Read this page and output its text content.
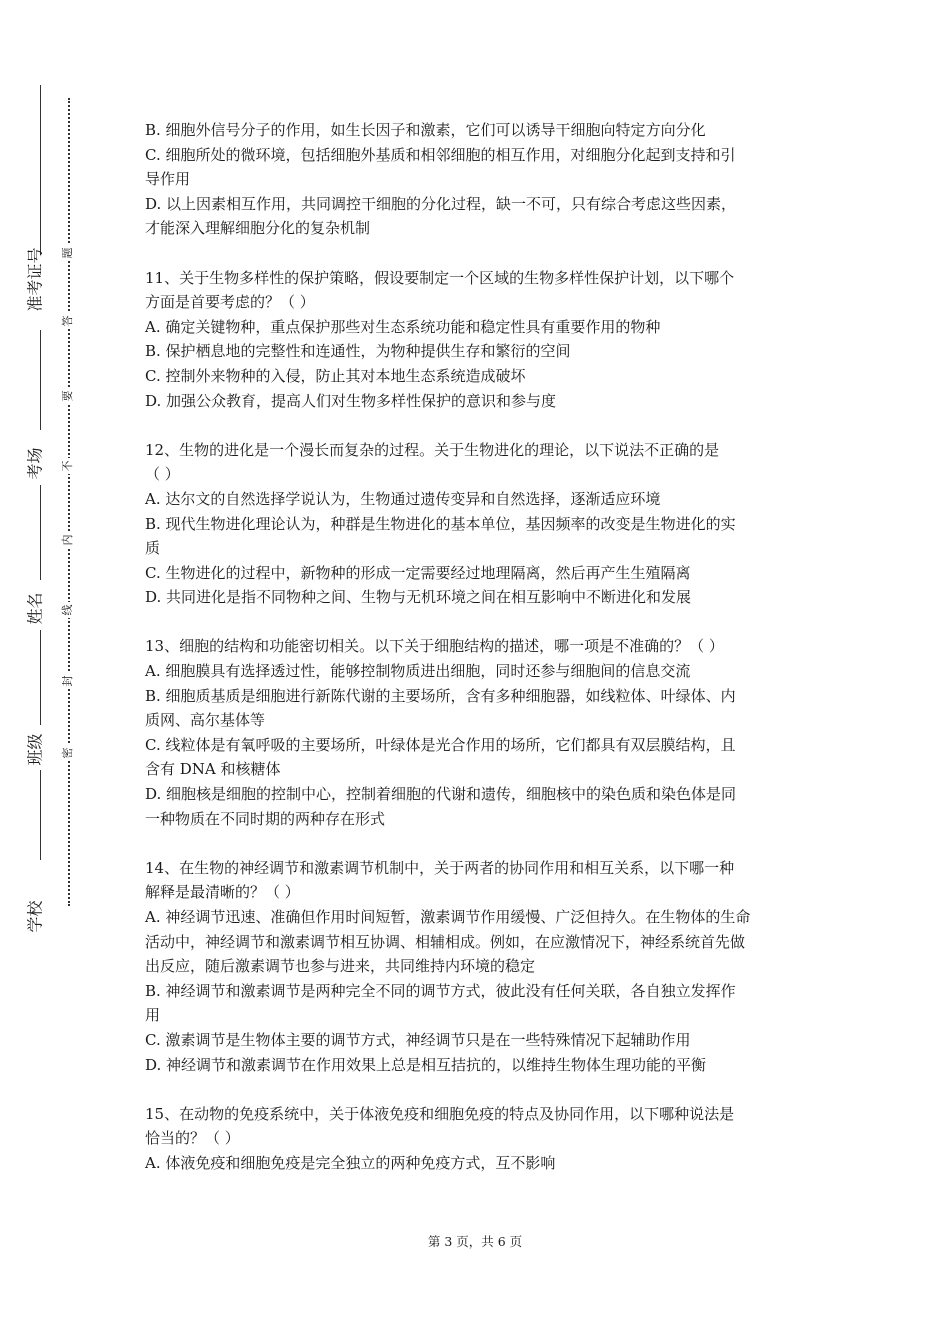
准考证号
考场
姓名
班级
学校
题
答
要
不
内
线
封
密
B. 细胞外信号分子的作用，如生长因子和激素，它们可以诱导干细胞向特定方向分化
C. 细胞所处的微环境，包括细胞外基质和相邻细胞的相互作用，对细胞分化起到支持和引
导作用
D. 以上因素相互作用，共同调控干细胞的分化过程，缺一不可，只有综合考虑这些因素，
才能深入理解细胞分化的复杂机制
11、关于生物多样性的保护策略，假设要制定一个区域的生物多样性保护计划，以下哪个
方面是首要考虑的？（ ）
A. 确定关键物种，重点保护那些对生态系统功能和稳定性具有重要作用的物种
B. 保护栖息地的完整性和连通性，为物种提供生存和繁衍的空间
C. 控制外来物种的入侵，防止其对本地生态系统造成破坏
D. 加强公众教育，提高人们对生物多样性保护的意识和参与度
12、生物的进化是一个漫长而复杂的过程。关于生物进化的理论，以下说法不正确的是
（ ）
A. 达尔文的自然选择学说认为，生物通过遗传变异和自然选择，逐渐适应环境
B. 现代生物进化理论认为，种群是生物进化的基本单位，基因频率的改变是生物进化的实
质
C. 生物进化的过程中，新物种的形成一定需要经过地理隔离，然后再产生生殖隔离
D. 共同进化是指不同物种之间、生物与无机环境之间在相互影响中不断进化和发展
13、细胞的结构和功能密切相关。以下关于细胞结构的描述，哪一项是不准确的？（ ）
A. 细胞膜具有选择透过性，能够控制物质进出细胞，同时还参与细胞间的信息交流
B. 细胞质基质是细胞进行新陈代谢的主要场所，含有多种细胞器，如线粒体、叶绿体、内
质网、高尔基体等
C. 线粒体是有氧呼吸的主要场所，叶绿体是光合作用的场所，它们都具有双层膜结构，且
含有 DNA 和核糖体
D. 细胞核是细胞的控制中心，控制着细胞的代谢和遗传，细胞核中的染色质和染色体是同
一种物质在不同时期的两种存在形式
14、在生物的神经调节和激素调节机制中，关于两者的协同作用和相互关系，以下哪一种
解释是最清晰的？（ ）
A. 神经调节迅速、准确但作用时间短暂，激素调节作用缓慢、广泛但持久。在生物体的生命
活动中，神经调节和激素调节相互协调、相辅相成。例如，在应激情况下，神经系统首先做
出反应，随后激素调节也参与进来，共同维持内环境的稳定
B. 神经调节和激素调节是两种完全不同的调节方式，彼此没有任何关联，各自独立发挥作
用
C. 激素调节是生物体主要的调节方式，神经调节只是在一些特殊情况下起辅助作用
D. 神经调节和激素调节在作用效果上总是相互拮抗的，以维持生物体生理功能的平衡
15、在动物的免疫系统中，关于体液免疫和细胞免疫的特点及协同作用，以下哪种说法是
恰当的？（ ）
A. 体液免疫和细胞免疫是完全独立的两种免疫方式，互不影响
第 3 页，共 6 页
